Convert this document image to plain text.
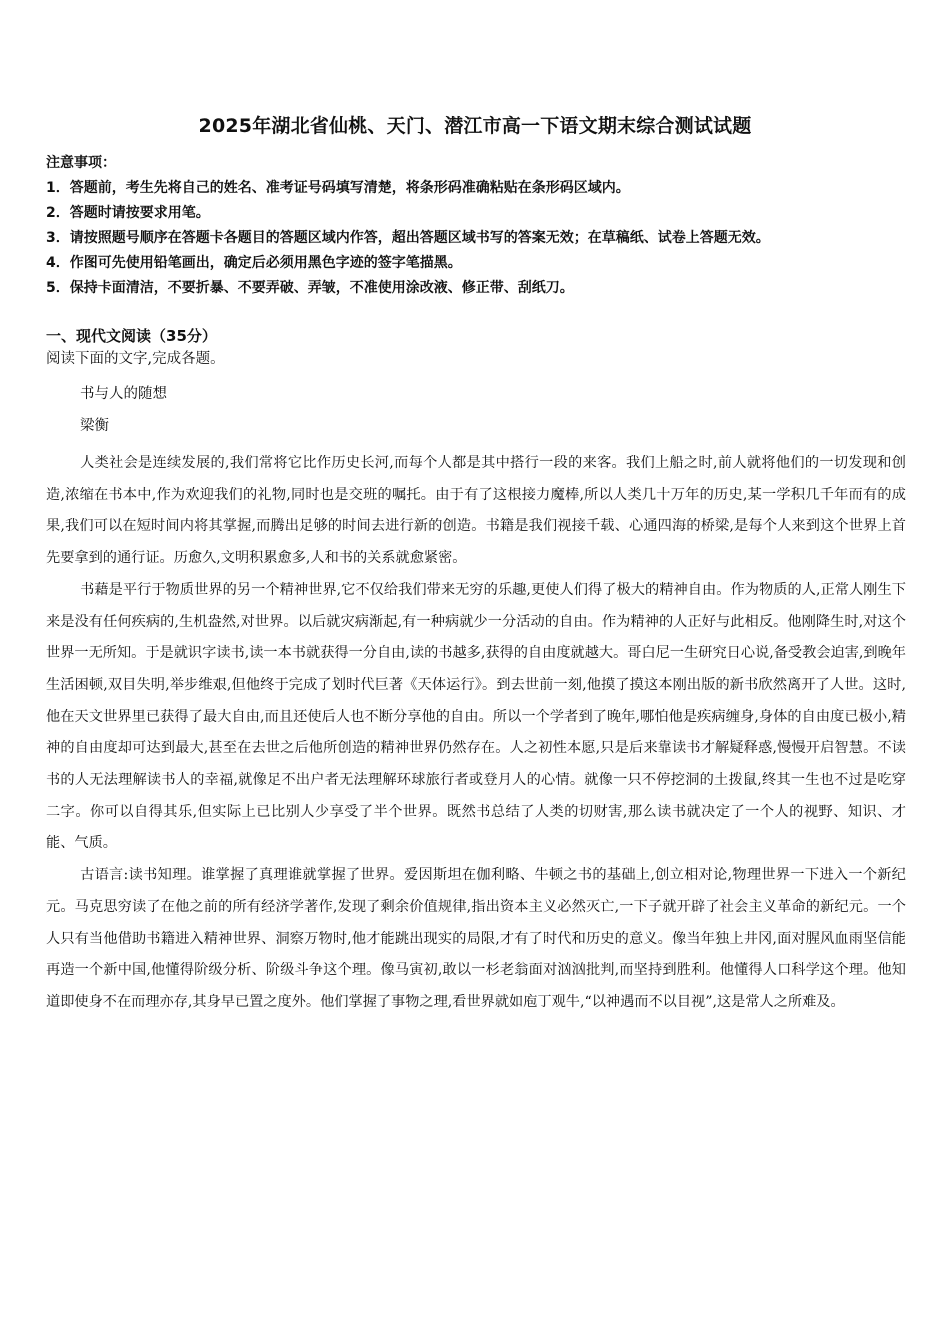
2025年湖北省仙桃、天门、潜江市高一下语文期末综合测试试题
注意事项：
1．答题前，考生先将自己的姓名、准考证号码填写清楚，将条形码准确粘贴在条形码区域内。
2．答题时请按要求用笔。
3．请按照题号顺序在答题卡各题目的答题区域内作答，超出答题区域书写的答案无效；在草稿纸、试卷上答题无效。
4．作图可先使用铅笔画出，确定后必须用黑色字迹的签字笔描黑。
5．保持卡面清洁，不要折暴、不要弄破、弄皱，不准使用涂改液、修正带、刮纸刀。
一、现代文阅读（35分）
阅读下面的文字,完成各题。
书与人的随想
梁衡

人类社会是连续发展的,我们常将它比作历史长河,而每个人都是其中搭行一段的来客。我们上船之时,前人就将他们的一切发现和创造,浓缩在书本中,作为欢迎我们的礼物,同时也是交班的嘱托。由于有了这根接力魔棒,所以人类几十万年的历史,某一学积几千年而有的成果,我们可以在短时间内将其掌握,而腾出足够的时间去进行新的创造。书籍是我们视接千载、心通四海的桥梁,是每个人来到这个世界上首先要拿到的通行证。历愈久,文明积累愈多,人和书的关系就愈紧密。

书藉是平行于物质世界的另一个精神世界,它不仅给我们带来无穷的乐趣,更使人们得了极大的精神自由。作为物质的人,正常人刚生下来是没有任何疾病的,生机盎然,对世界。以后就灾病渐起,有一种病就少一分活动的自由。作为精神的人正好与此相反。他刚降生时,对这个世界一无所知。于是就识字读书,读一本书就获得一分自由,读的书越多,获得的自由度就越大。哥白尼一生研究日心说,备受教会迫害,到晚年生活困顿,双目失明,举步维艰,但他终于完成了划时代巨著《天体运行》。到去世前一刻,他摸了摸这本刚出版的新书欣然离开了人世。这时,他在天文世界里已获得了最大自由,而且还使后人也不断分享他的自由。所以一个学者到了晚年,哪怕他是疾病缠身,身体的自由度已极小,精神的自由度却可达到最大,甚至在去世之后他所创造的精神世界仍然存在。人之初性本愿,只是后来靠读书才解疑释惑,慢慢开启智慧。不读书的人无法理解读书人的幸福,就像足不出户者无法理解环球旅行者或登月人的心情。就像一只不停挖洞的土拨鼠,终其一生也不过是吃穿二字。你可以自得其乐,但实际上已比别人少享受了半个世界。既然书总结了人类的切财害,那么读书就决定了一个人的视野、知识、才能、气质。

古语言:读书知理。谁掌握了真理谁就掌握了世界。爱因斯坦在伽利略、牛顿之书的基础上,创立相对论,物理世界一下进入一个新纪元。马克思穷读了在他之前的所有经济学著作,发现了剩余价值规律,指出资本主义必然灭亡,一下子就开辟了社会主义革命的新纪元。一个人只有当他借助书籍进入精神世界、洞察万物时,他才能跳出现实的局限,才有了时代和历史的意义。像当年独上井冈,面对腥风血雨坚信能再造一个新中国,他懂得阶级分析、阶级斗争这个理。像马寅初,敢以一杉老翁面对汹汹批判,而坚持到胜利。他懂得人口科学这个理。他知道即使身不在而理亦存,其身早已置之度外。他们掌握了事物之理,看世界就如庖丁观牛,“以神遇而不以目视”,这是常人之所难及。
